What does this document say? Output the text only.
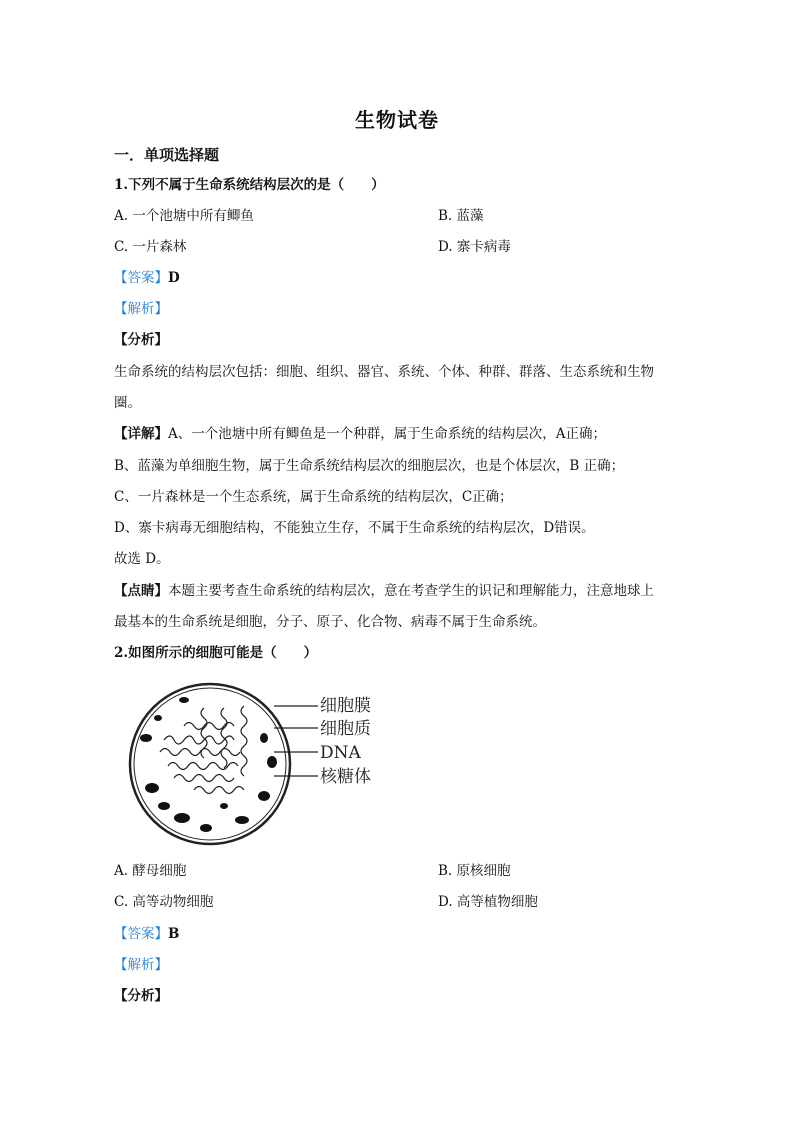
生物试卷
一．单项选择题
1.下列不属于生命系统结构层次的是（　　）
A. 一个池塘中所有鲫鱼	B. 蓝藻
C. 一片森林	D. 寨卡病毒
【答案】D
【解析】
【分析】
生命系统的结构层次包括：细胞、组织、器官、系统、个体、种群、群落、生态系统和生物
圈。
【详解】A、一个池塘中所有鲫鱼是一个种群，属于生命系统的结构层次，A正确；
B、蓝藻为单细胞生物，属于生命系统结构层次的细胞层次，也是个体层次，B 正确；
C、一片森林是一个生态系统，属于生命系统的结构层次，C正确；
D、寨卡病毒无细胞结构，不能独立生存，不属于生命系统的结构层次，D错误。
故选 D。
【点睛】本题主要考查生命系统的结构层次，意在考查学生的识记和理解能力，注意地球上
最基本的生命系统是细胞，分子、原子、化合物、病毒不属于生命系统。
2.如图所示的细胞可能是（　　）
细胞膜
细胞质
DNA
核糖体
A. 酵母细胞	B. 原核细胞
C. 高等动物细胞	D. 高等植物细胞
【答案】B
【解析】
【分析】
